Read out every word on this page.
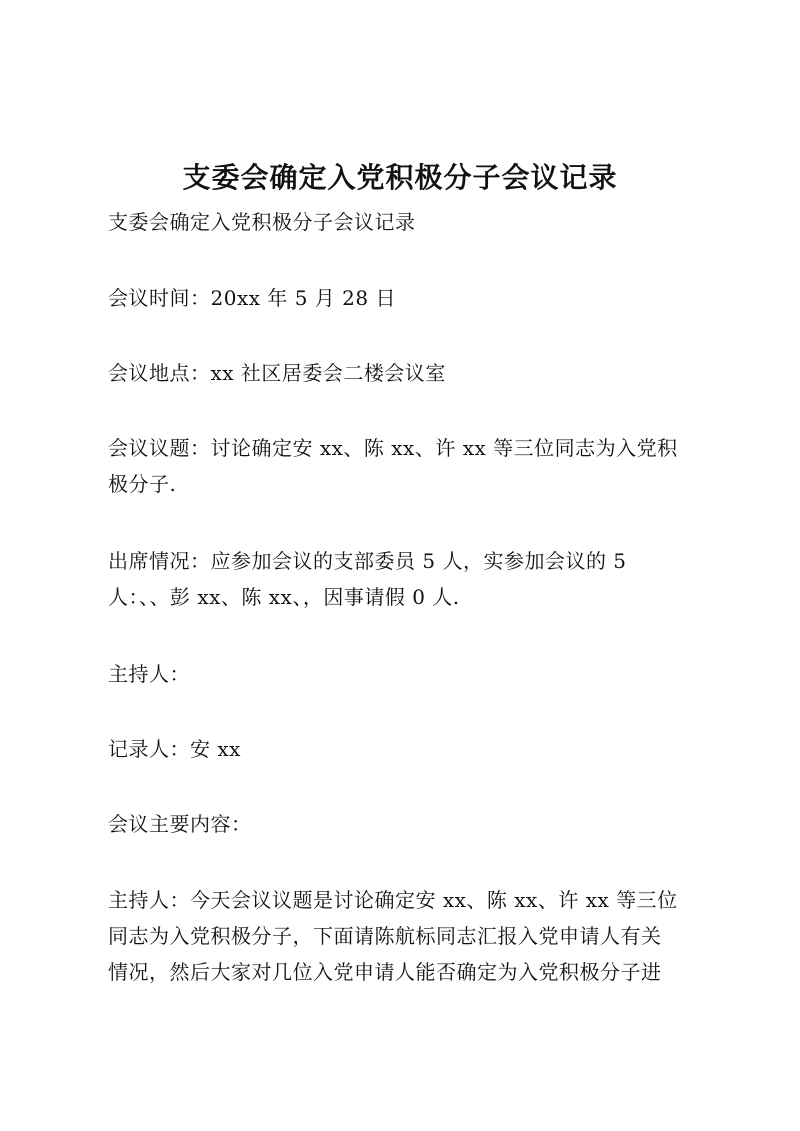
支委会确定入党积极分子会议记录

支委会确定入党积极分子会议记录

会议时间：20xx 年 5 月 28 日

会议地点：xx 社区居委会二楼会议室

会议议题：讨论确定安 xx、陈 xx、许 xx 等三位同志为入党积
极分子.

出席情况：应参加会议的支部委员 5 人，实参加会议的 5
人：、、彭 xx、陈 xx、，因事请假 0 人.

主持人：

记录人：安 xx

会议主要内容：

主持人：今天会议议题是讨论确定安 xx、陈 xx、许 xx 等三位
同志为入党积极分子，下面请陈航标同志汇报入党申请人有关
情况，然后大家对几位入党申请人能否确定为入党积极分子进
